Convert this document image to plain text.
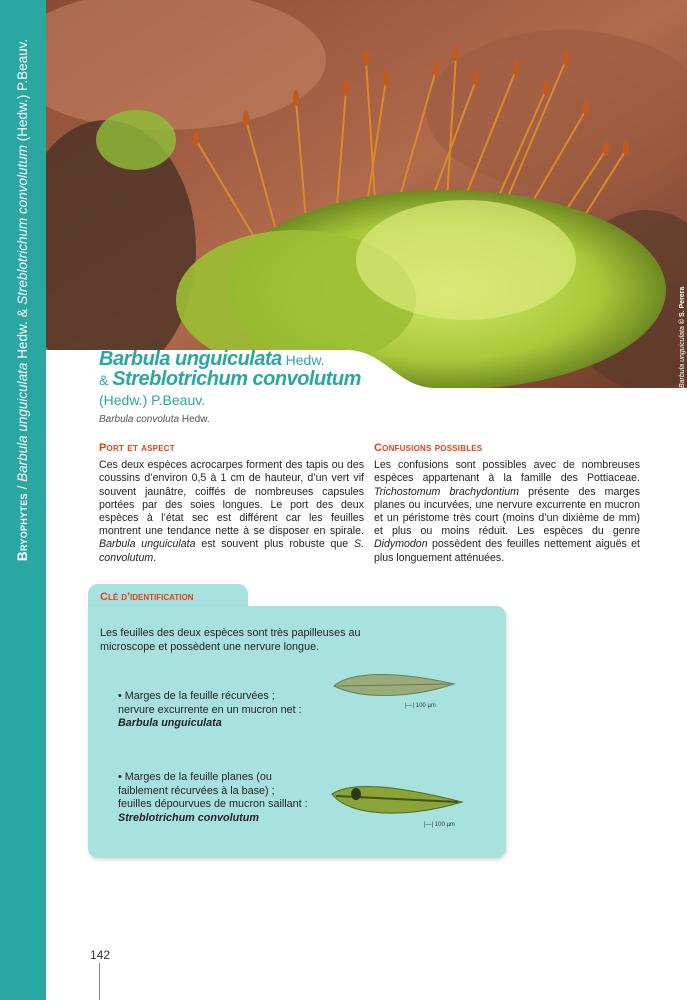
Bryophytes / Barbula unguiculata Hedw. & Streblotrichum convolutum (Hedw.) P.Beauv.
Barbula unguiculata © S. Perera
Barbula unguiculata Hedw.
& Streblotrichum convolutum
(Hedw.) P.Beauv.
Barbula convoluta Hedw.
Port et aspect

Ces deux espèces acrocarpes forment des tapis ou des coussins d’environ 0,5 à 1 cm de hauteur, d’un vert vif souvent jaunâtre, coiffés de nombreuses capsules portées par des soies longues. Le port des deux espèces à l’état sec est différent car les feuilles montrent une tendance nette à se disposer en spirale. Barbula unguiculata est souvent plus robuste que S. convolutum.

Confusions possibles

Les confusions sont possibles avec de nombreuses espèces appartenant à la famille des Pottiaceae. Trichostomum brachydontium présente des marges planes ou incurvées, une nervure excurrente en mucron et un péristome très court (moins d’un dixième de mm) et plus ou moins réduit. Les espèces du genre Didymodon possèdent des feuilles nettement aiguës et plus longuement atténuées.

Clé d’identification
Les feuilles des deux espèces sont très papilleuses au microscope et possèdent une nervure longue.
• Marges de la feuille récurvées ; nervure excurrente en un mucron net : Barbula unguiculata
|—| 100 µm
• Marges de la feuille planes (ou faiblement récurvées à la base) ; feuilles dépourvues de mucron saillant : Streblotrichum convolutum
|—| 100 µm
142
